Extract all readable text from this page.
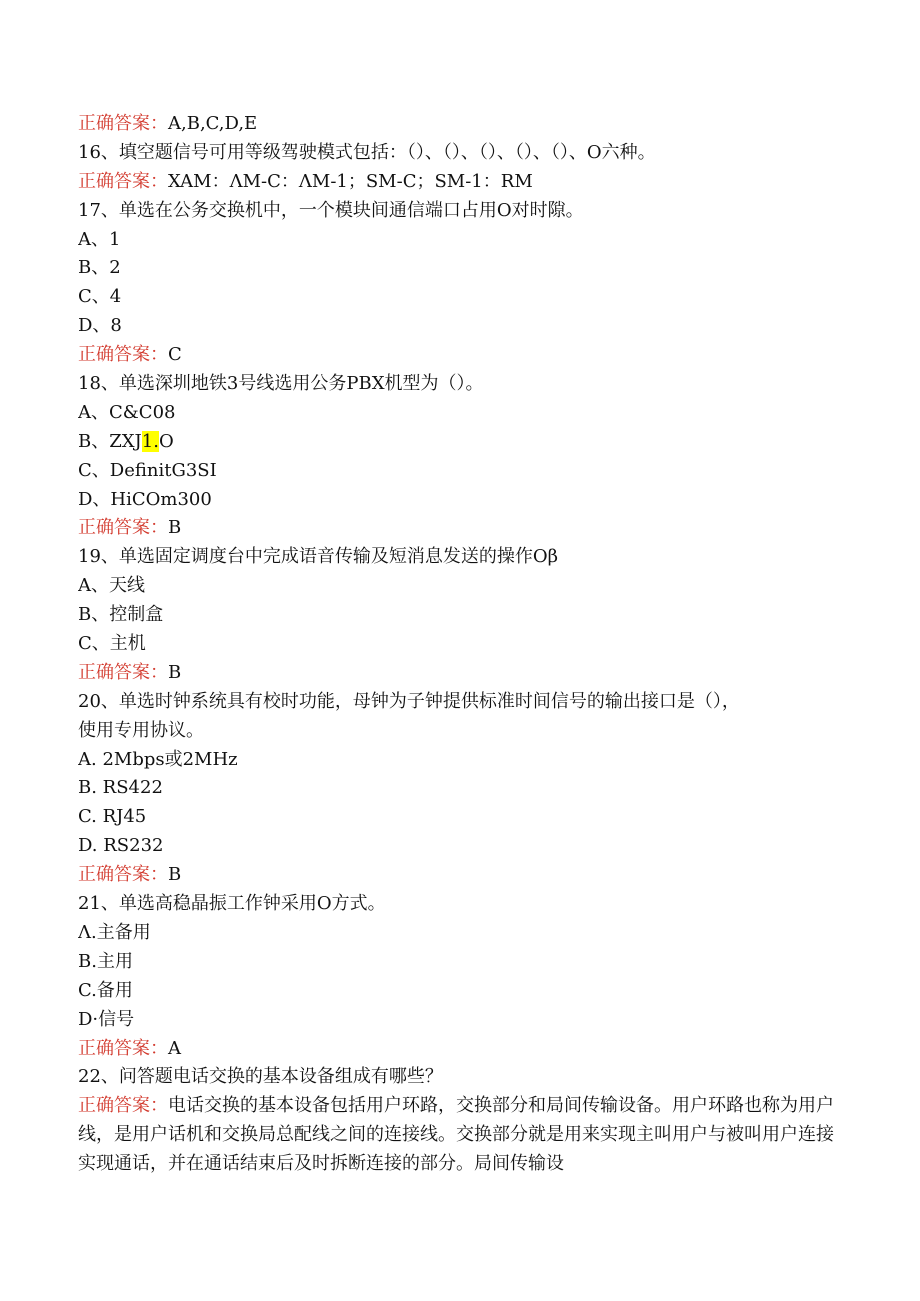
正确答案：A,B,C,D,E
16、填空题信号可用等级驾驶模式包括：（）、（）、（）、（）、（）、O六种。
正确答案：XAM：ΛM-C：ΛM-1；SM-C；SM-1：RM
17、单选在公务交换机中，一个模块间通信端口占用O对时隙。
A、1
B、2
C、4
D、8
正确答案：C
18、单选深圳地铁3号线选用公务PBX机型为（）。
A、C&C08
B、ZXJ1.O
C、DefinitG3SI
D、HiCOm300
正确答案：B
19、单选固定调度台中完成语音传输及短消息发送的操作Oβ
A、天线
B、控制盒
C、主机
正确答案：B
20、单选时钟系统具有校时功能，母钟为子钟提供标准时间信号的输出接口是（），
使用专用协议。
A. 2Mbps或2MHz
B. RS422
C. RJ45
D. RS232
正确答案：B
21、单选高稳晶振工作钟采用O方式。
Λ.主备用
B.主用
C.备用
D·信号
正确答案：A
22、问答题电话交换的基本设备组成有哪些？
正确答案：电话交换的基本设备包括用户环路，交换部分和局间传输设备。用户环路也称为用户线，是用户话机和交换局总配线之间的连接线。交换部分就是用来实现主叫用户与被叫用户连接实现通话，并在通话结束后及时拆断连接的部分。局间传输设
